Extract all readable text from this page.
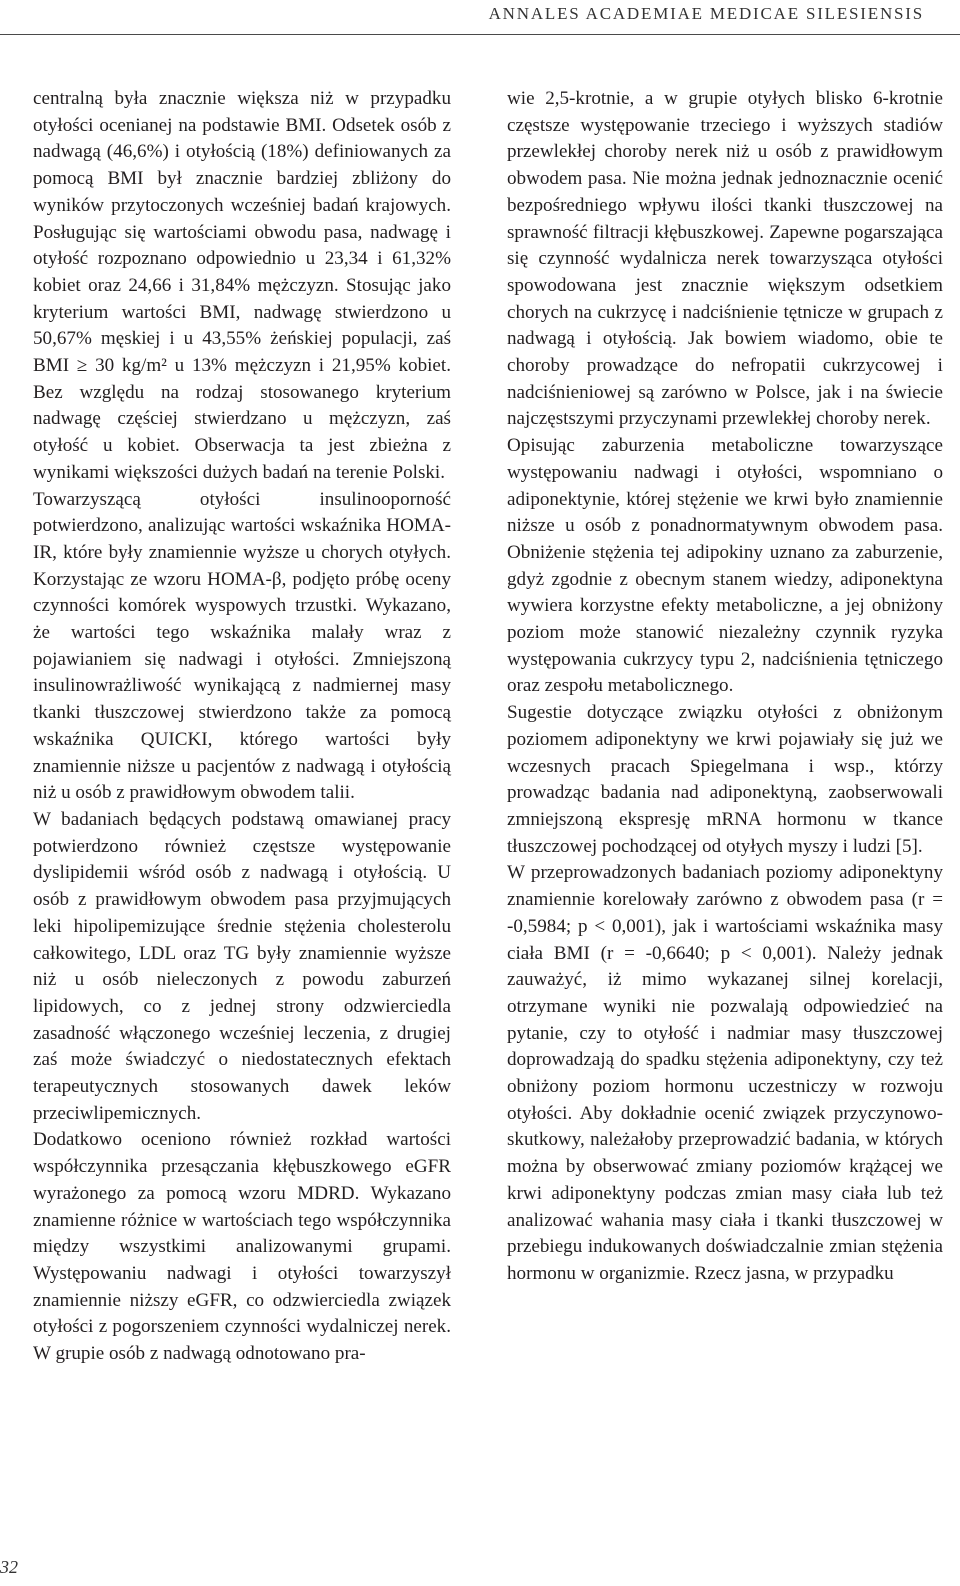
ANNALES ACADEMIAE MEDICAE SILESIENSIS

centralną była znacznie większa niż w przypadku otyłości ocenianej na podstawie BMI. Odsetek osób z nadwagą (46,6%) i otyłością (18%) definiowanych za pomocą BMI był znacznie bardziej zbliżony do wyników przytoczonych wcześniej badań krajowych. Posługując się wartościami obwodu pasa, nadwagę i otyłość rozpoznano odpowiednio u 23,34 i 61,32% kobiet oraz 24,66 i 31,84% mężczyzn. Stosując jako kryterium wartości BMI, nadwagę stwierdzono u 50,67% męskiej i u 43,55% żeńskiej populacji, zaś BMI ≥ 30 kg/m² u 13% mężczyzn i 21,95% kobiet. Bez względu na rodzaj stosowanego kryterium nadwagę częściej stwierdzano u mężczyzn, zaś otyłość u kobiet. Obserwacja ta jest zbieżna z wynikami większości dużych badań na terenie Polski.

Towarzyszącą otyłości insulinooporność potwierdzono, analizując wartości wskaźnika HOMA-IR, które były znamiennie wyższe u chorych otyłych. Korzystając ze wzoru HOMA-β, podjęto próbę oceny czynności komórek wyspowych trzustki. Wykazano, że wartości tego wskaźnika malały wraz z pojawianiem się nadwagi i otyłości. Zmniejszoną insulinowrażliwość wynikającą z nadmiernej masy tkanki tłuszczowej stwierdzono także za pomocą wskaźnika QUICKI, którego wartości były znamiennie niższe u pacjentów z nadwagą i otyłością niż u osób z prawidłowym obwodem talii.

W badaniach będących podstawą omawianej pracy potwierdzono również częstsze występowanie dyslipidemii wśród osób z nadwagą i otyłością. U osób z prawidłowym obwodem pasa przyjmujących leki hipolipemizujące średnie stężenia cholesterolu całkowitego, LDL oraz TG były znamiennie wyższe niż u osób nieleczonych z powodu zaburzeń lipidowych, co z jednej strony odzwierciedla zasadność włączonego wcześniej leczenia, z drugiej zaś może świadczyć o niedostatecznych efektach terapeutycznych stosowanych dawek leków przeciwlipemicznych.

Dodatkowo oceniono również rozkład wartości współczynnika przesączania kłębuszkowego eGFR wyrażonego za pomocą wzoru MDRD. Wykazano znamienne różnice w wartościach tego współczynnika między wszystkimi analizowanymi grupami. Występowaniu nadwagi i otyłości towarzyszył znamiennie niższy eGFR, co odzwierciedla związek otyłości z pogorszeniem czynności wydalniczej nerek. W grupie osób z nadwagą odnotowano pra-

wie 2,5-krotnie, a w grupie otyłych blisko 6-krotnie częstsze występowanie trzeciego i wyższych stadiów przewlekłej choroby nerek niż u osób z prawidłowym obwodem pasa. Nie można jednak jednoznacznie ocenić bezpośredniego wpływu ilości tkanki tłuszczowej na sprawność filtracji kłębuszkowej. Zapewne pogarszająca się czynność wydalnicza nerek towarzysząca otyłości spowodowana jest znacznie większym odsetkiem chorych na cukrzycę i nadciśnienie tętnicze w grupach z nadwagą i otyłością. Jak bowiem wiadomo, obie te choroby prowadzące do nefropatii cukrzycowej i nadciśnieniowej są zarówno w Polsce, jak i na świecie najczęstszymi przyczynami przewlekłej choroby nerek.

Opisując zaburzenia metaboliczne towarzyszące występowaniu nadwagi i otyłości, wspomniano o adiponektynie, której stężenie we krwi było znamiennie niższe u osób z ponadnormatywnym obwodem pasa. Obniżenie stężenia tej adipokiny uznano za zaburzenie, gdyż zgodnie z obecnym stanem wiedzy, adiponektyna wywiera korzystne efekty metaboliczne, a jej obniżony poziom może stanowić niezależny czynnik ryzyka występowania cukrzycy typu 2, nadciśnienia tętniczego oraz zespołu metabolicznego.

Sugestie dotyczące związku otyłości z obniżonym poziomem adiponektyny we krwi pojawiały się już we wczesnych pracach Spiegelmana i wsp., którzy prowadząc badania nad adiponektyną, zaobserwowali zmniejszoną ekspresję mRNA hormonu w tkance tłuszczowej pochodzącej od otyłych myszy i ludzi [5].

W przeprowadzonych badaniach poziomy adiponektyny znamiennie korelowały zarówno z obwodem pasa (r = -0,5984; p < 0,001), jak i wartościami wskaźnika masy ciała BMI (r = -0,6640; p < 0,001). Należy jednak zauważyć, iż mimo wykazanej silnej korelacji, otrzymane wyniki nie pozwalają odpowiedzieć na pytanie, czy to otyłość i nadmiar masy tłuszczowej doprowadzają do spadku stężenia adiponektyny, czy też obniżony poziom hormonu uczestniczy w rozwoju otyłości. Aby dokładnie ocenić związek przyczynowo-skutkowy, należałoby przeprowadzić badania, w których można by obserwować zmiany poziomów krążącej we krwi adiponektyny podczas zmian masy ciała lub też analizować wahania masy ciała i tkanki tłuszczowej w przebiegu indukowanych doświadczalnie zmian stężenia hormonu w organizmie. Rzecz jasna, w przypadku

32
